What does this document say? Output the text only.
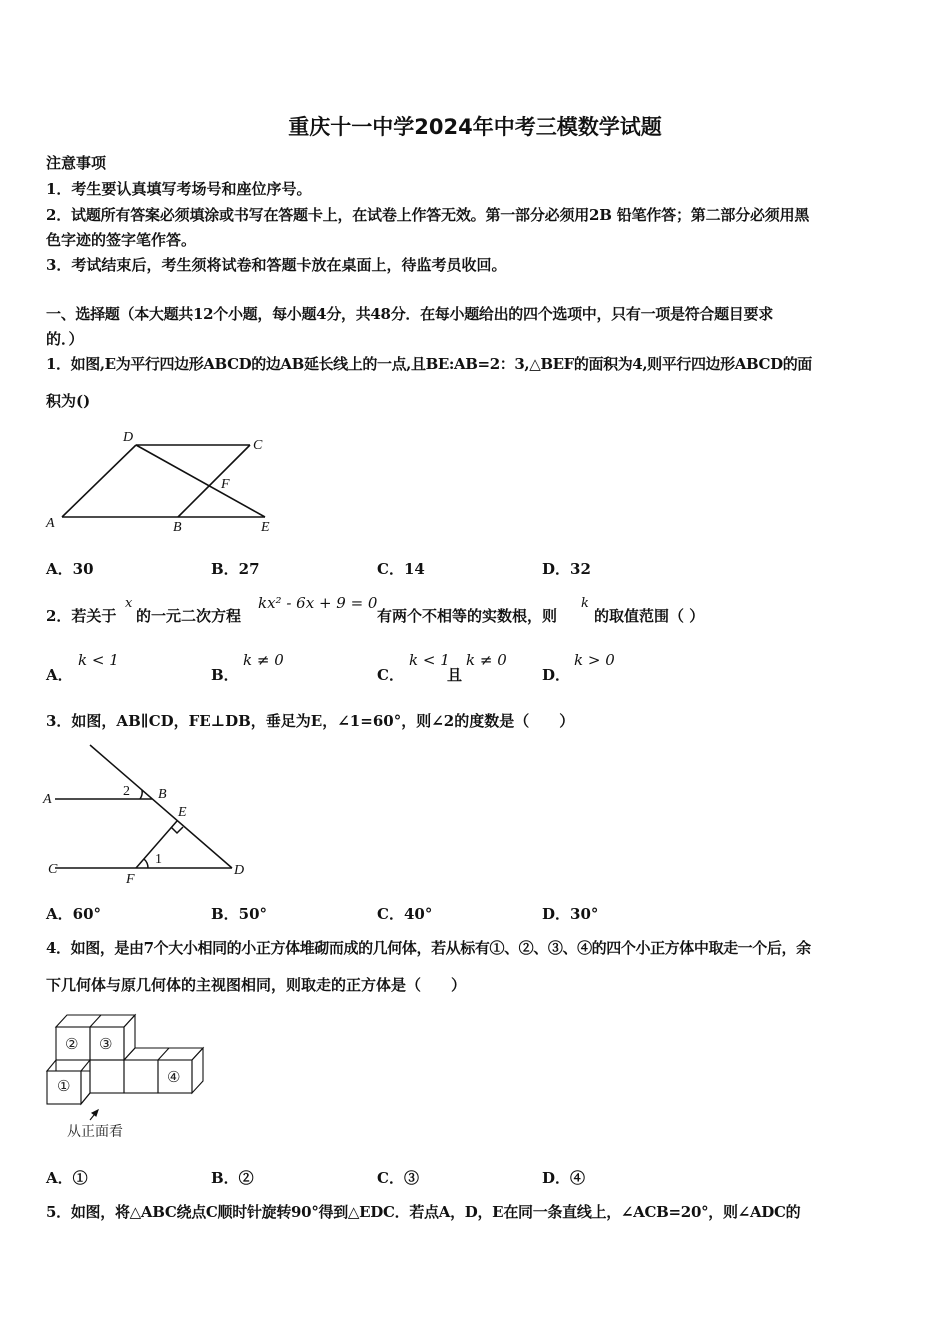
重庆十一中学2024年中考三模数学试题
注意事项
1．考生要认真填写考场号和座位序号。
2．试题所有答案必须填涂或书写在答题卡上，在试卷上作答无效。第一部分必须用2B 铅笔作答；第二部分必须用黑
色字迹的签字笔作答。
3．考试结束后，考生须将试卷和答题卡放在桌面上，待监考员收回。
一、选择题（本大题共12个小题，每小题4分，共48分．在每小题给出的四个选项中，只有一项是符合题目要求
的．）
1．如图,E为平行四边形ABCD的边AB延长线上的一点,且BE:AB=2：3,△BEF的面积为4,则平行四边形ABCD的面
积为()
A
D
C
F
B	E
A．30	B．27	C．14	D．32
2．若关于
x
的一元二次方程
kx² - 6x + 9 = 0
有两个不相等的实数根，则
k
的取值范围（ ）
A．
k < 1
B．
k ≠ 0
C．
k < 1
且
k ≠ 0
D．
k > 0
3．如图，AB∥CD，FE⊥DB，垂足为E，∠1=60°，则∠2的度数是（　　）
A	B
2
E
1
C
F
D
A．60°	B．50°	C．40°	D．30°
4．如图，是由7个大小相同的小正方体堆砌而成的几何体，若从标有①、②、③、④的四个小正方体中取走一个后，余
下几何体与原几何体的主视图相同，则取走的正方体是（　　）
①
② ③
④
从正面看
A．①	B．②	C．③	D．④
5．如图，将△ABC绕点C顺时针旋转90°得到△EDC．若点A，D，E在同一条直线上，∠ACB=20°，则∠ADC的
